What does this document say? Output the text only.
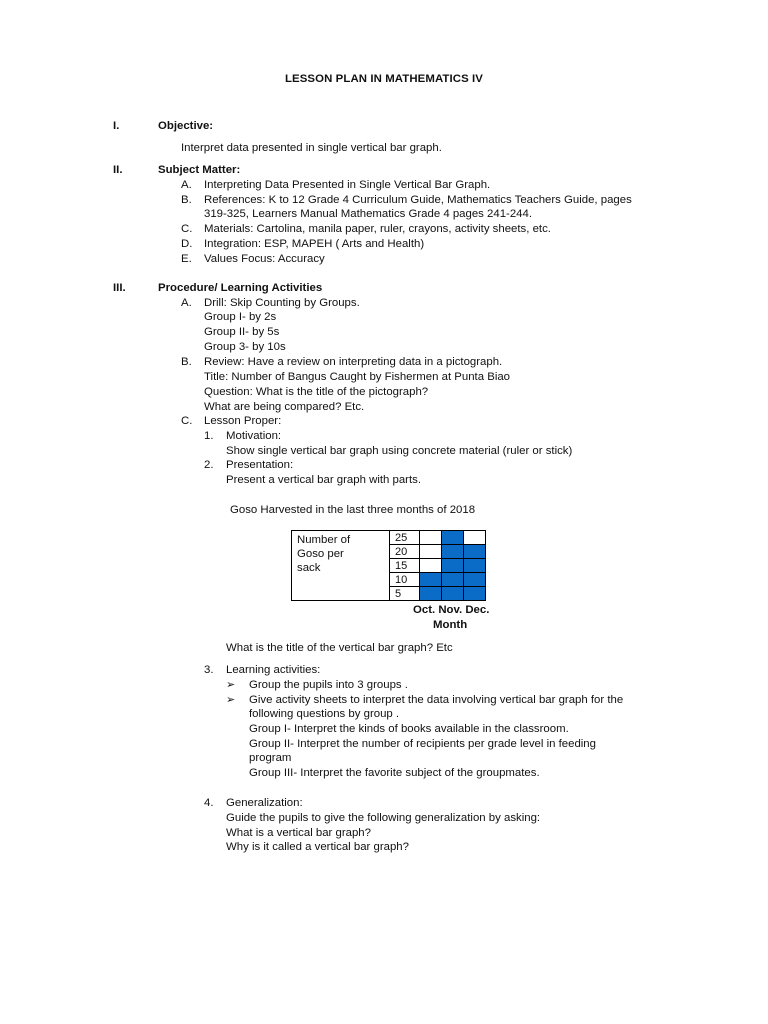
LESSON PLAN IN MATHEMATICS IV
I.	Objective:
Interpret data presented in single vertical bar graph.
II.	Subject Matter:
A. Interpreting Data Presented in Single Vertical Bar Graph.
B. References: K to 12 Grade 4 Curriculum Guide, Mathematics Teachers Guide, pages
319-325, Learners Manual Mathematics Grade 4 pages 241-244.
C. Materials: Cartolina, manila paper, ruler, crayons, activity sheets, etc.
D. Integration: ESP, MAPEH ( Arts and Health)
E. Values Focus: Accuracy
III.	Procedure/ Learning Activities
A. Drill: Skip Counting by Groups.
Group I- by 2s
Group II- by 5s
Group 3- by 10s
B. Review: Have a review on interpreting data in a pictograph.
Title: Number of Bangus Caught by Fishermen at Punta Biao
Question: What is the title of the pictograph?
What are being compared? Etc.
C. Lesson Proper:
1. Motivation:
Show single vertical bar graph using concrete material (ruler or stick)
2. Presentation:
Present a vertical bar graph with parts.
Goso Harvested in the last three months of 2018
Number of
Goso per
sack	25			
	20			
	15			
	10			
	5			
Oct. Nov. Dec.
Month
What is the title of the vertical bar graph? Etc
3. Learning activities:
➢ Group the pupils into 3 groups .
➢ Give activity sheets to interpret the data involving vertical bar graph for the
following questions by group .
Group I- Interpret the kinds of books available in the classroom.
Group II- Interpret the number of recipients per grade level in feeding
program
Group III- Interpret the favorite subject of the groupmates.
4. Generalization:
Guide the pupils to give the following generalization by asking:
What is a vertical bar graph?
Why is it called a vertical bar graph?
